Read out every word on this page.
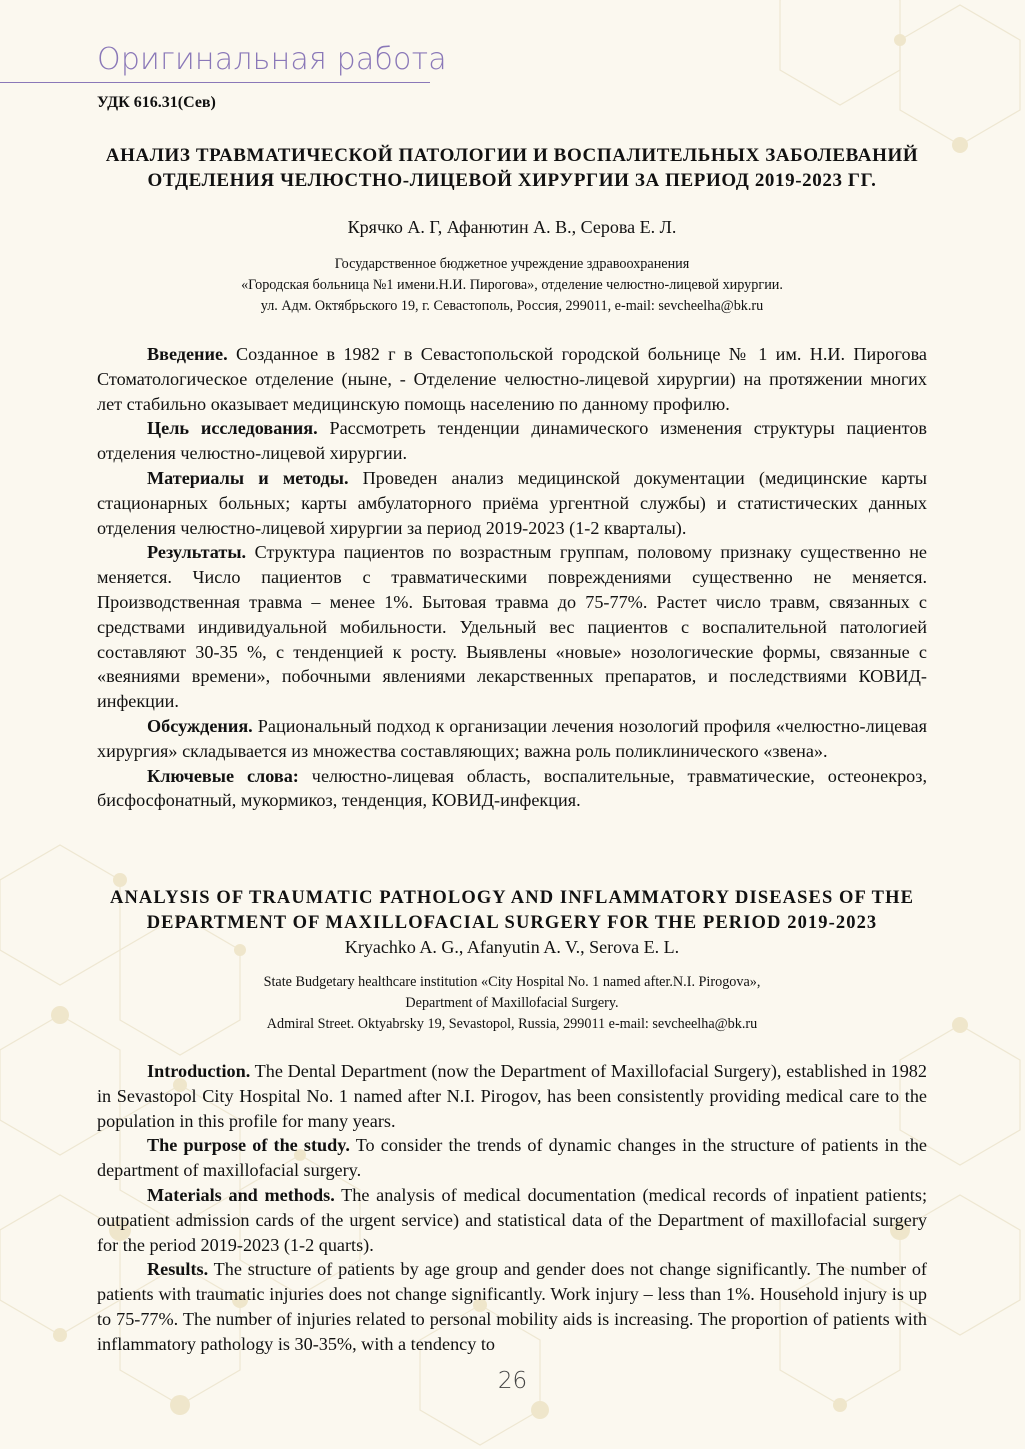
Оригинальная работа
УДК 616.31(Сев)
АНАЛИЗ ТРАВМАТИЧЕСКОЙ ПАТОЛОГИИ И ВОСПАЛИТЕЛЬНЫХ ЗАБОЛЕВАНИЙ ОТДЕЛЕНИЯ ЧЕЛЮСТНО-ЛИЦЕВОЙ ХИРУРГИИ ЗА ПЕРИОД 2019-2023 ГГ.
Крячко А. Г, Афанютин А. В., Серова Е. Л.
Государственное бюджетное учреждение здравоохранения
«Городская больница №1 имени.Н.И. Пирогова», отделение челюстно-лицевой хирургии.
ул. Адм. Октябрьского 19, г. Севастополь, Россия, 299011, e-mail: sevcheelha@bk.ru

Введение. Созданное в 1982 г в Севастопольской городской больнице № 1 им. Н.И. Пирогова Стоматологическое отделение (ныне, - Отделение челюстно-лицевой хирургии) на протяжении многих лет стабильно оказывает медицинскую помощь населению по данному профилю.

Цель исследования. Рассмотреть тенденции динамического изменения структуры пациентов отделения челюстно-лицевой хирургии.

Материалы и методы. Проведен анализ медицинской документации (медицинские карты стационарных больных; карты амбулаторного приёма ургентной службы) и статистических данных отделения челюстно-лицевой хирургии за период 2019-2023 (1-2 кварталы).

Результаты. Структура пациентов по возрастным группам, половому признаку существенно не меняется. Число пациентов с травматическими повреждениями существенно не меняется. Производственная травма – менее 1%. Бытовая травма до 75-77%. Растет число травм, связанных с средствами индивидуальной мобильности. Удельный вес пациентов с воспалительной патологией составляют 30-35 %, с тенденцией к росту. Выявлены «новые» нозологические формы, связанные с «веяниями времени», побочными явлениями лекарственных препаратов, и последствиями КОВИД-инфекции.

Обсуждения. Рациональный подход к организации лечения нозологий профиля «челюстно-лицевая хирургия» складывается из множества составляющих; важна роль поликлинического «звена».

Ключевые слова: челюстно-лицевая область, воспалительные, травматические, остеонекроз, бисфосфонатный, мукормикоз, тенденция, КОВИД-инфекция.

ANALYSIS OF TRAUMATIC PATHOLOGY AND INFLAMMATORY DISEASES OF THE DEPARTMENT OF MAXILLOFACIAL SURGERY FOR THE PERIOD 2019-2023
Kryachko A. G., Afanyutin A. V., Serova E. L.
State Budgetary healthcare institution «City Hospital No. 1 named after.N.I. Pirogova»,
Department of Maxillofacial Surgery.
Admiral Street. Oktyabrsky 19, Sevastopol, Russia, 299011 e-mail: sevcheelha@bk.ru

Introduction. The Dental Department (now the Department of Maxillofacial Surgery), established in 1982 in Sevastopol City Hospital No. 1 named after N.I. Pirogov, has been consistently providing medical care to the population in this profile for many years.

The purpose of the study. To consider the trends of dynamic changes in the structure of patients in the department of maxillofacial surgery.

Materials and methods. The analysis of medical documentation (medical records of inpatient patients; outpatient admission cards of the urgent service) and statistical data of the Department of maxillofacial surgery for the period 2019-2023 (1-2 quarts).

Results. The structure of patients by age group and gender does not change significantly. The number of patients with traumatic injuries does not change significantly. Work injury – less than 1%. Household injury is up to 75-77%. The number of injuries related to personal mobility aids is increasing. The proportion of patients with inflammatory pathology is 30-35%, with a tendency to

26
